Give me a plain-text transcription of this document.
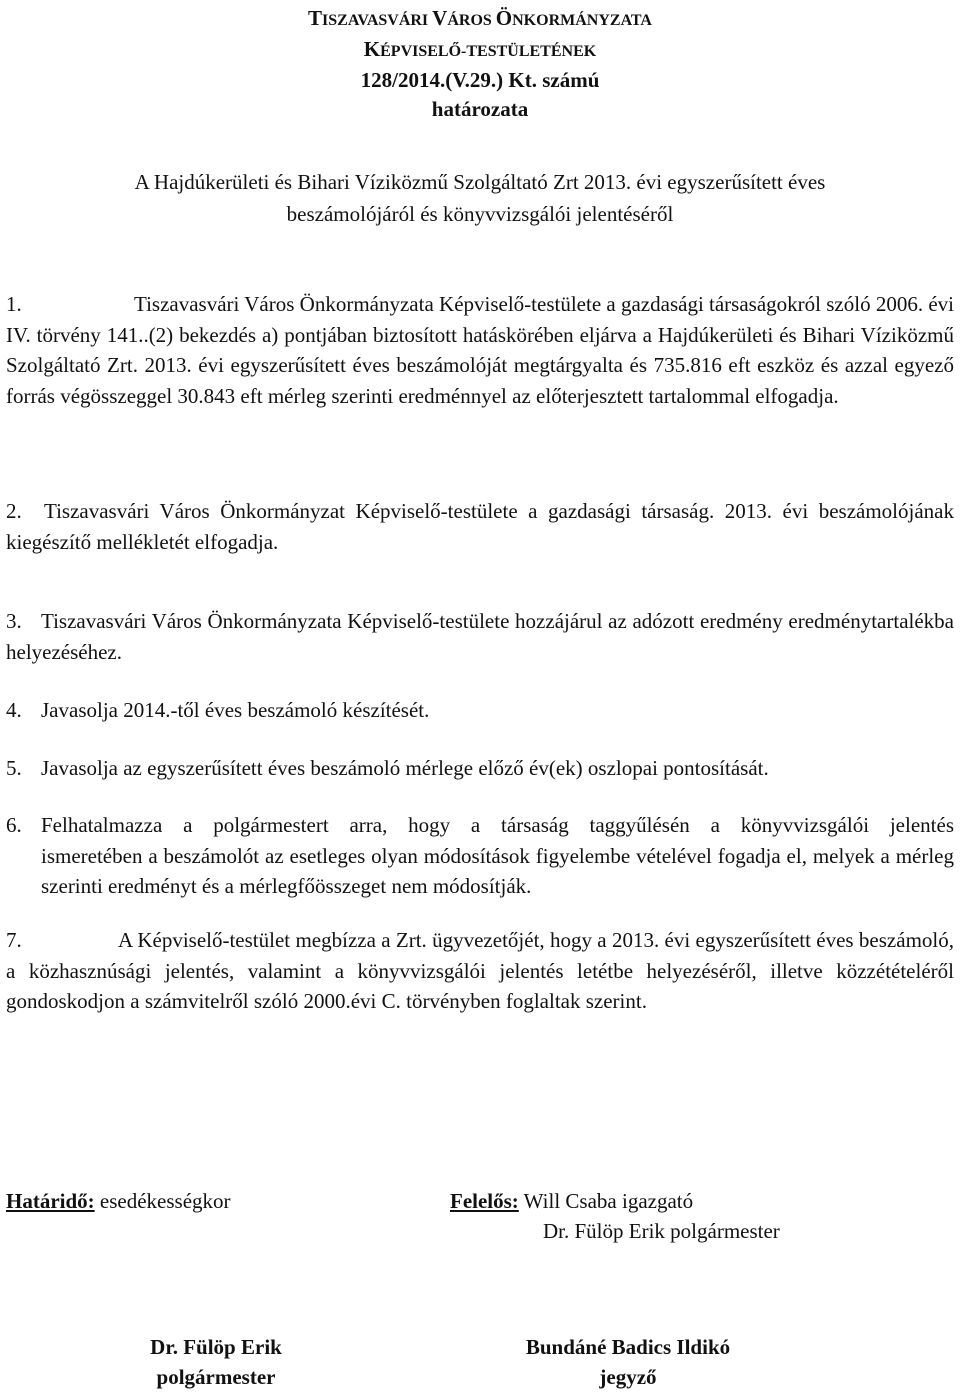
TISZAVASVÁRI VÁROS ÖNKORMÁNYZATA
KÉPVISELŐ-TESTÜLETÉNEK
128/2014.(V.29.) Kt. számú
határozata
A Hajdúkerületi és Bihari Víziközmű Szolgáltató Zrt 2013. évi egyszerűsített éves
beszámolójáról és könyvvizsgálói jelentéséről
1.	Tiszavasvári Város Önkormányzata Képviselő-testülete a gazdasági társaságokról szóló 2006. évi IV. törvény 141..(2) bekezdés a) pontjában biztosított hatáskörében eljárva a Hajdúkerületi és Bihari Víziközmű Szolgáltató Zrt. 2013. évi egyszerűsített éves beszámolóját megtárgyalta és 735.816 eft eszköz és azzal egyező forrás végösszeggel 30.843 eft mérleg szerinti eredménnyel az előterjesztett tartalommal elfogadja.
2. Tiszavasvári Város Önkormányzat Képviselő-testülete a gazdasági társaság. 2013. évi beszámolójának kiegészítő mellékletét elfogadja.
3. Tiszavasvári Város Önkormányzata Képviselő-testülete hozzájárul az adózott eredmény eredménytartalékba helyezéséhez.
4. Javasolja 2014.-től éves beszámoló készítését.
5. Javasolja az egyszerűsített éves beszámoló mérlege előző év(ek) oszlopai pontosítását.
6. Felhatalmazza a polgármestert arra, hogy a társaság taggyűlésén a könyvvizsgálói jelentés
ismeretében a beszámolót az esetleges olyan módosítások figyelembe vételével fogadja el, melyek a mérleg szerinti eredményt és a mérlegfőösszeget nem módosítják.
7.	A Képviselő-testület megbízza a Zrt. ügyvezetőjét, hogy a 2013. évi egyszerűsített éves beszámoló, a közhasznúsági jelentés, valamint a könyvvizsgálói jelentés letétbe helyezéséről, illetve közzétételéről gondoskodjon a számvitelről szóló 2000.évi C. törvényben foglaltak szerint.
Határidő: esedékességkor	Felelős: Will Csaba igazgató
Dr. Fülöp Erik polgármester
Dr. Fülöp Erik
polgármester
Bundáné Badics Ildikó
jegyző
